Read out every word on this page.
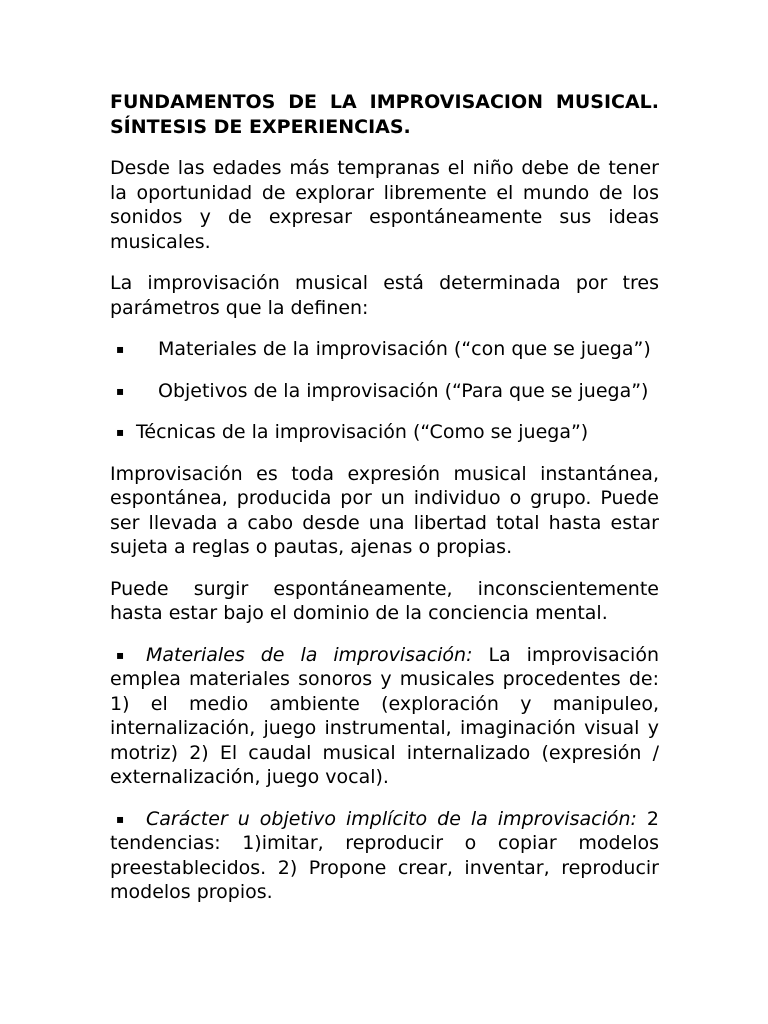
FUNDAMENTOS DE LA IMPROVISACION MUSICAL. SÍNTESIS DE EXPERIENCIAS.

Desde las edades más tempranas el niño debe de tener la oportunidad de explorar libremente el mundo de los sonidos y de expresar espontáneamente sus ideas musicales.

La improvisación musical está determinada por tres parámetros que la definen:

▪ Materiales de la improvisación (“con que se juega”)
▪ Objetivos de la improvisación (“Para que se juega”)
▪ Técnicas de la improvisación (“Como se juega”)

Improvisación es toda expresión musical instantánea, espontánea, producida por un individuo o grupo. Puede ser llevada a cabo desde una libertad total hasta estar sujeta a reglas o pautas, ajenas o propias.

Puede surgir espontáneamente, inconscientemente hasta estar bajo el dominio de la conciencia mental.

▪ Materiales de la improvisación: La improvisación emplea materiales sonoros y musicales procedentes de: 1) el medio ambiente (exploración y manipuleo, internalización, juego instrumental, imaginación visual y motriz) 2) El caudal musical internalizado (expresión / externalización, juego vocal).
▪ Carácter u objetivo implícito de la improvisación: 2 tendencias: 1)imitar, reproducir o copiar modelos preestablecidos. 2) Propone crear, inventar, reproducir modelos propios.
